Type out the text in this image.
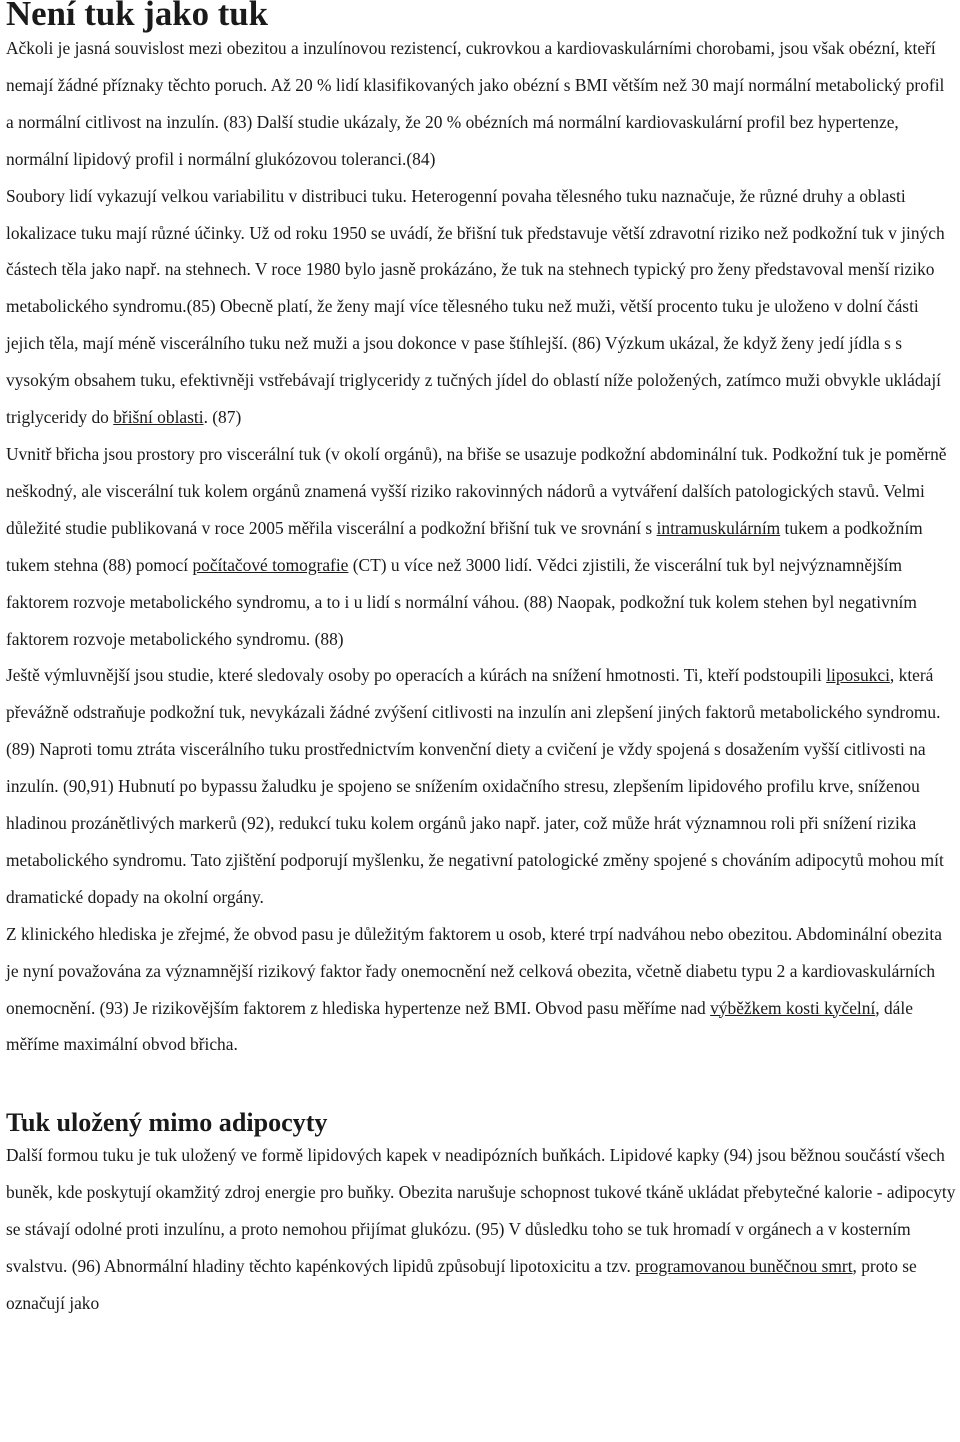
Není tuk jako tuk

Ačkoli je jasná souvislost mezi obezitou a inzulínovou rezistencí, cukrovkou a kardiovaskulárními chorobami, jsou však obézní, kteří nemají žádné příznaky těchto poruch. Až 20 % lidí klasifikovaných jako obézní s BMI větším než 30 mají normální metabolický profil a normální citlivost na inzulín. (83) Další studie ukázaly, že 20 % obézních má normální kardiovaskulární profil bez hypertenze, normální lipidový profil i normální glukózovou toleranci.(84)

Soubory lidí vykazují velkou variabilitu v distribuci tuku. Heterogenní povaha tělesného tuku naznačuje, že různé druhy a oblasti lokalizace tuku mají různé účinky. Už od roku 1950 se uvádí, že břišní tuk představuje větší zdravotní riziko než podkožní tuk v jiných částech těla jako např. na stehnech. V roce 1980 bylo jasně prokázáno, že tuk na stehnech typický pro ženy představoval menší riziko metabolického syndromu.(85) Obecně platí, že ženy mají více tělesného tuku než muži, větší procento tuku je uloženo v dolní části jejich těla, mají méně viscerálního tuku než muži a jsou dokonce v pase štíhlejší. (86) Výzkum ukázal, že když ženy jedí jídla s s vysokým obsahem tuku, efektivněji vstřebávají triglyceridy z tučných jídel do oblastí níže položených, zatímco muži obvykle ukládají triglyceridy do břišní oblasti. (87)

Uvnitř břicha jsou prostory pro viscerální tuk (v okolí orgánů), na břiše se usazuje podkožní abdominální tuk. Podkožní tuk je poměrně neškodný, ale viscerální tuk kolem orgánů znamená vyšší riziko rakovinných nádorů a vytváření dalších patologických stavů. Velmi důležité studie publikovaná v roce 2005 měřila viscerální a podkožní břišní tuk ve srovnání s intramuskulárním tukem a podkožním tukem stehna (88) pomocí počítačové tomografie (CT) u více než 3000 lidí. Vědci zjistili, že viscerální tuk byl nejvýznamnějším faktorem rozvoje metabolického syndromu, a to i u lidí s normální váhou. (88) Naopak, podkožní tuk kolem stehen byl negativním faktorem rozvoje metabolického syndromu. (88)

Ještě výmluvnější jsou studie, které sledovaly osoby po operacích a kúrách na snížení hmotnosti. Ti, kteří podstoupili liposukci, která převážně odstraňuje podkožní tuk, nevykázali žádné zvýšení citlivosti na inzulín ani zlepšení jiných faktorů metabolického syndromu. (89) Naproti tomu ztráta viscerálního tuku prostřednictvím konvenční diety a cvičení je vždy spojená s dosažením vyšší citlivosti na inzulín. (90,91) Hubnutí po bypassu žaludku je spojeno se snížením oxidačního stresu, zlepšením lipidového profilu krve, sníženou hladinou prozánětlivých markerů (92), redukcí tuku kolem orgánů jako např. jater, což může hrát významnou roli při snížení rizika metabolického syndromu. Tato zjištění podporují myšlenku, že negativní patologické změny spojené s chováním adipocytů mohou mít dramatické dopady na okolní orgány.

Z klinického hlediska je zřejmé, že obvod pasu je důležitým faktorem u osob, které trpí nadváhou nebo obezitou. Abdominální obezita je nyní považována za významnější rizikový faktor řady onemocnění než celková obezita, včetně diabetu typu 2 a kardiovaskulárních onemocnění. (93) Je rizikovějším faktorem z hlediska hypertenze než BMI. Obvod pasu měříme nad výběžkem kosti kyčelní, dále měříme maximální obvod břicha.

Tuk uložený mimo adipocyty

Další formou tuku je tuk uložený ve formě lipidových kapek v neadipózních buňkách. Lipidové kapky (94) jsou běžnou součástí všech buněk, kde poskytují okamžitý zdroj energie pro buňky. Obezita narušuje schopnost tukové tkáně ukládat přebytečné kalorie - adipocyty se stávají odolné proti inzulínu, a proto nemohou přijímat glukózu. (95) V důsledku toho se tuk hromadí v orgánech a v kosterním svalstvu. (96) Abnormální hladiny těchto kapénkových lipidů způsobují lipotoxicitu a tzv. programovanou buněčnou smrt, proto se označují jako
